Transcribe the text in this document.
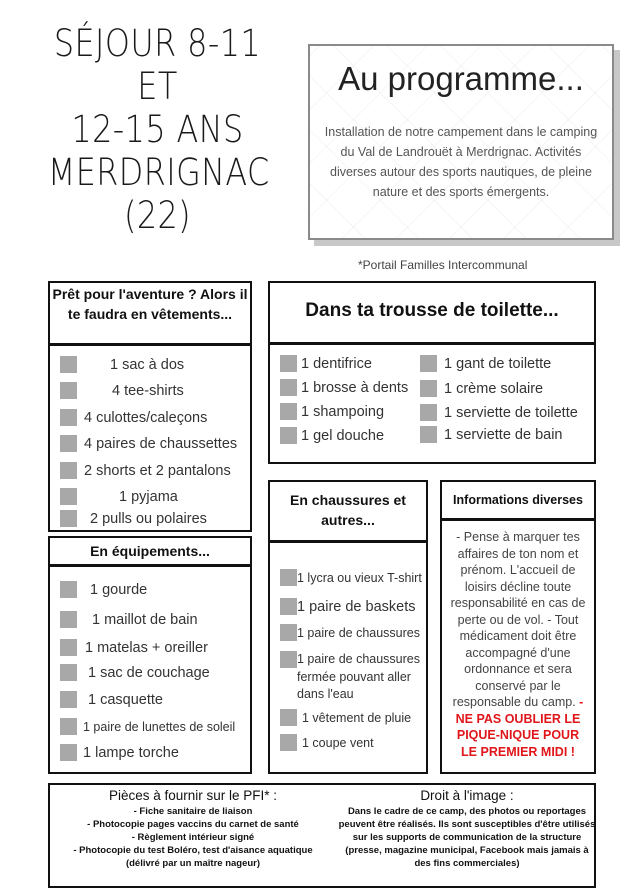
SÉJOUR 8-11
ET
12-15 ANS
MERDRIGNAC
(22)
Au programme...
Installation de notre campement dans le camping du Val de Landrouët à Merdrignac. Activités diverses autour des sports nautiques, de pleine nature et des sports émergents.
*Portail Familles Intercommunal
Prêt pour l'aventure ? Alors il te faudra en vêtements...
1 sac à dos
4 tee-shirts
4 culottes/caleçons
4 paires de chaussettes
2 shorts et 2 pantalons
1 pyjama
2 pulls ou polaires
Dans ta trousse de toilette...
1 dentifrice
1 brosse à dents
1 shampoing
1 gel douche
1 gant de toilette
1 crème solaire
1 serviette de toilette
1 serviette de bain
En équipements...
1 gourde
1 maillot de bain
1 matelas + oreiller
1 sac de couchage
1 casquette
1 paire de lunettes de soleil
1 lampe torche
En chaussures et autres...
1 lycra ou vieux T-shirt
1 paire de baskets
1 paire de chaussures
1 paire de chaussures fermée pouvant aller dans l'eau
1 vêtement de pluie
1 coupe vent
Informations diverses
- Pense à marquer tes affaires de ton nom et prénom. L'accueil de loisirs décline toute responsabilité en cas de perte ou de vol. - Tout médicament doit être accompagné d'une ordonnance et sera conservé par le responsable du camp. - NE PAS OUBLIER LE PIQUE-NIQUE POUR LE PREMIER MIDI !
Pièces à fournir sur le PFI* :
- Fiche sanitaire de liaison
- Photocopie pages vaccins du carnet de santé
- Règlement intérieur signé
- Photocopie du test Boléro, test d'aisance aquatique
(délivré par un maître nageur)
Droit à l'image :
Dans le cadre de ce camp, des photos ou reportages peuvent être réalisés. Ils sont susceptibles d'être utilisés sur les supports de communication de la structure (presse, magazine municipal, Facebook mais jamais à des fins commerciales)
